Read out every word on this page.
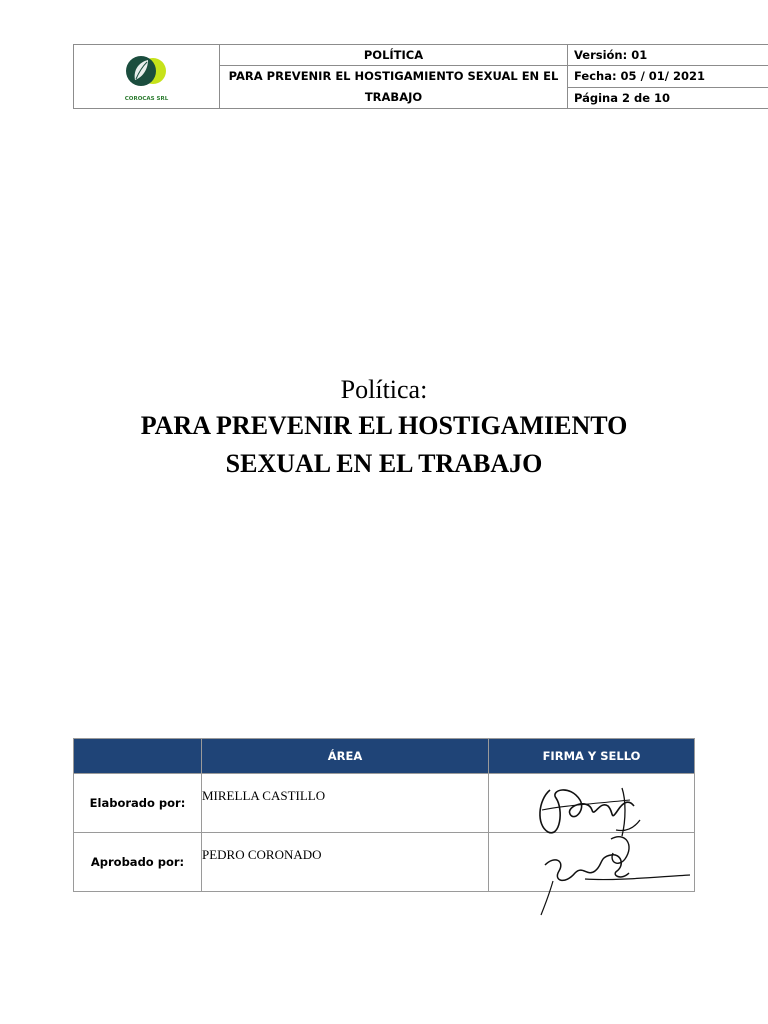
COROCAS SRL	POLÍTICA	Versión: 01
	PARA PREVENIR EL HOSTIGAMIENTO SEXUAL EN EL TRABAJO	Fecha: 05 / 01/ 2021
		Página 2 de 10
Política:
PARA PREVENIR EL HOSTIGAMIENTO
SEXUAL EN EL TRABAJO
	ÁREA	FIRMA Y SELLO
Elaborado por:	MIRELLA CASTILLO	
Aprobado por:	PEDRO CORONADO	
